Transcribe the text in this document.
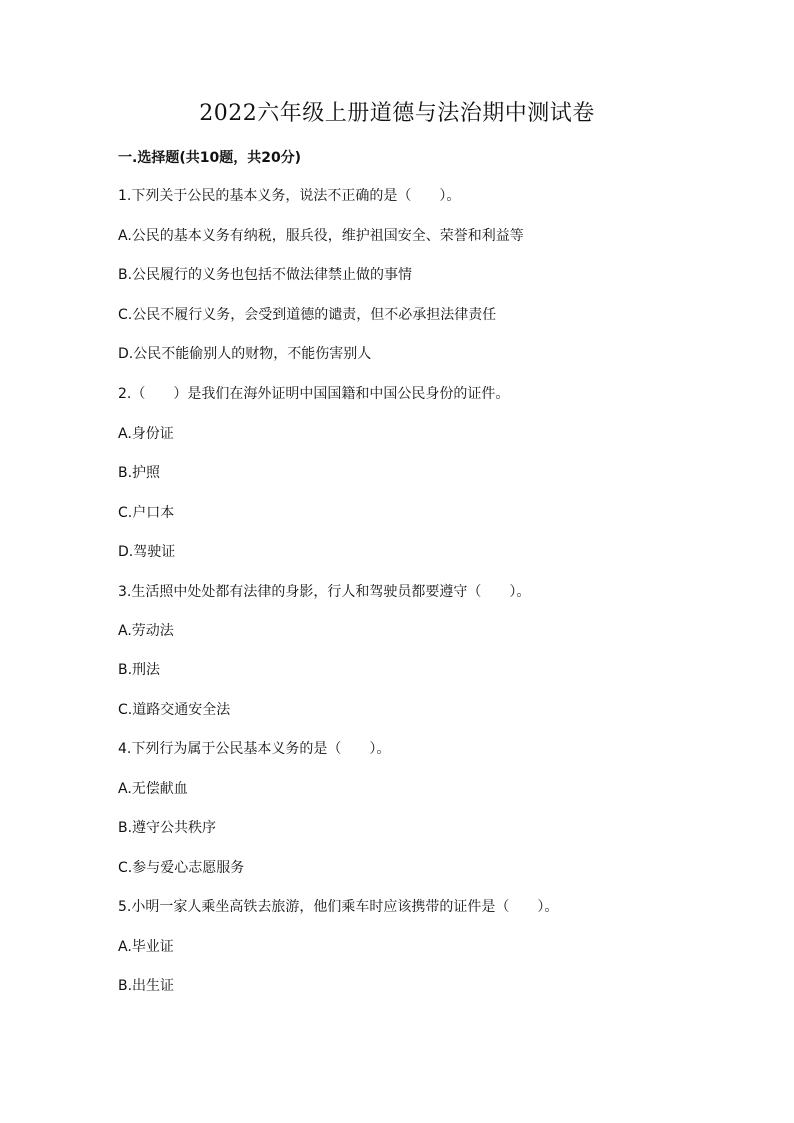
2022六年级上册道德与法治期中测试卷
一.选择题(共10题，共20分)
1.下列关于公民的基本义务，说法不正确的是（　　）。
A.公民的基本义务有纳税，服兵役，维护祖国安全、荣誉和利益等
B.公民履行的义务也包括不做法律禁止做的事情
C.公民不履行义务，会受到道德的谴责，但不必承担法律责任
D.公民不能偷别人的财物，不能伤害别人
2.（　　）是我们在海外证明中国国籍和中国公民身份的证件。
A.身份证
B.护照
C.户口本
D.驾驶证
3.生活照中处处都有法律的身影，行人和驾驶员都要遵守（　　）。
A.劳动法
B.刑法
C.道路交通安全法
4.下列行为属于公民基本义务的是（　　）。
A.无偿献血
B.遵守公共秩序
C.参与爱心志愿服务
5.小明一家人乘坐高铁去旅游，他们乘车时应该携带的证件是（　　）。
A.毕业证
B.出生证
